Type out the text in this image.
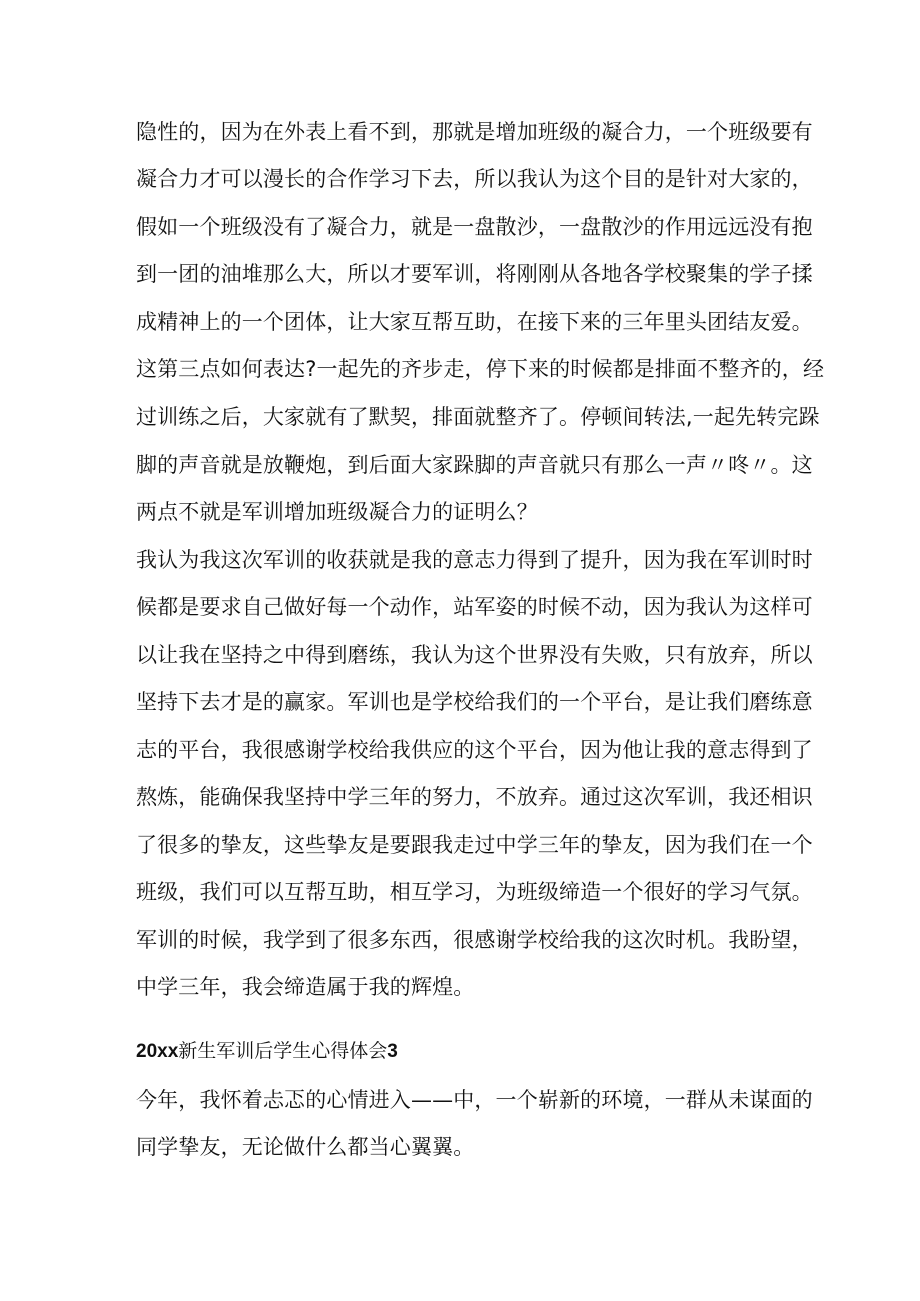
隐性的，因为在外表上看不到，那就是增加班级的凝合力，一个班级要有
凝合力才可以漫长的合作学习下去，所以我认为这个目的是针对大家的，
假如一个班级没有了凝合力，就是一盘散沙，一盘散沙的作用远远没有抱
到一团的油堆那么大，所以才要军训，将刚刚从各地各学校聚集的学子揉
成精神上的一个团体，让大家互帮互助，在接下来的三年里头团结友爱。
这第三点如何表达?一起先的齐步走，停下来的时候都是排面不整齐的，经
过训练之后，大家就有了默契，排面就整齐了。停顿间转法,一起先转完跺
脚的声音就是放鞭炮，到后面大家跺脚的声音就只有那么一声〃咚〃。这
两点不就是军训增加班级凝合力的证明么？
我认为我这次军训的收获就是我的意志力得到了提升，因为我在军训时时
候都是要求自己做好每一个动作，站军姿的时候不动，因为我认为这样可
以让我在坚持之中得到磨练，我认为这个世界没有失败，只有放弃，所以
坚持下去才是的赢家。军训也是学校给我们的一个平台，是让我们磨练意
志的平台，我很感谢学校给我供应的这个平台，因为他让我的意志得到了
熬炼，能确保我坚持中学三年的努力，不放弃。通过这次军训，我还相识
了很多的挚友，这些挚友是要跟我走过中学三年的挚友，因为我们在一个
班级，我们可以互帮互助，相互学习，为班级缔造一个很好的学习气氛。
军训的时候，我学到了很多东西，很感谢学校给我的这次时机。我盼望，
中学三年，我会缔造属于我的辉煌。
20xx新生军训后学生心得体会3
今年，我怀着忐忑的心情进入——中，一个崭新的环境，一群从未谋面的
同学挚友，无论做什么都当心翼翼。
